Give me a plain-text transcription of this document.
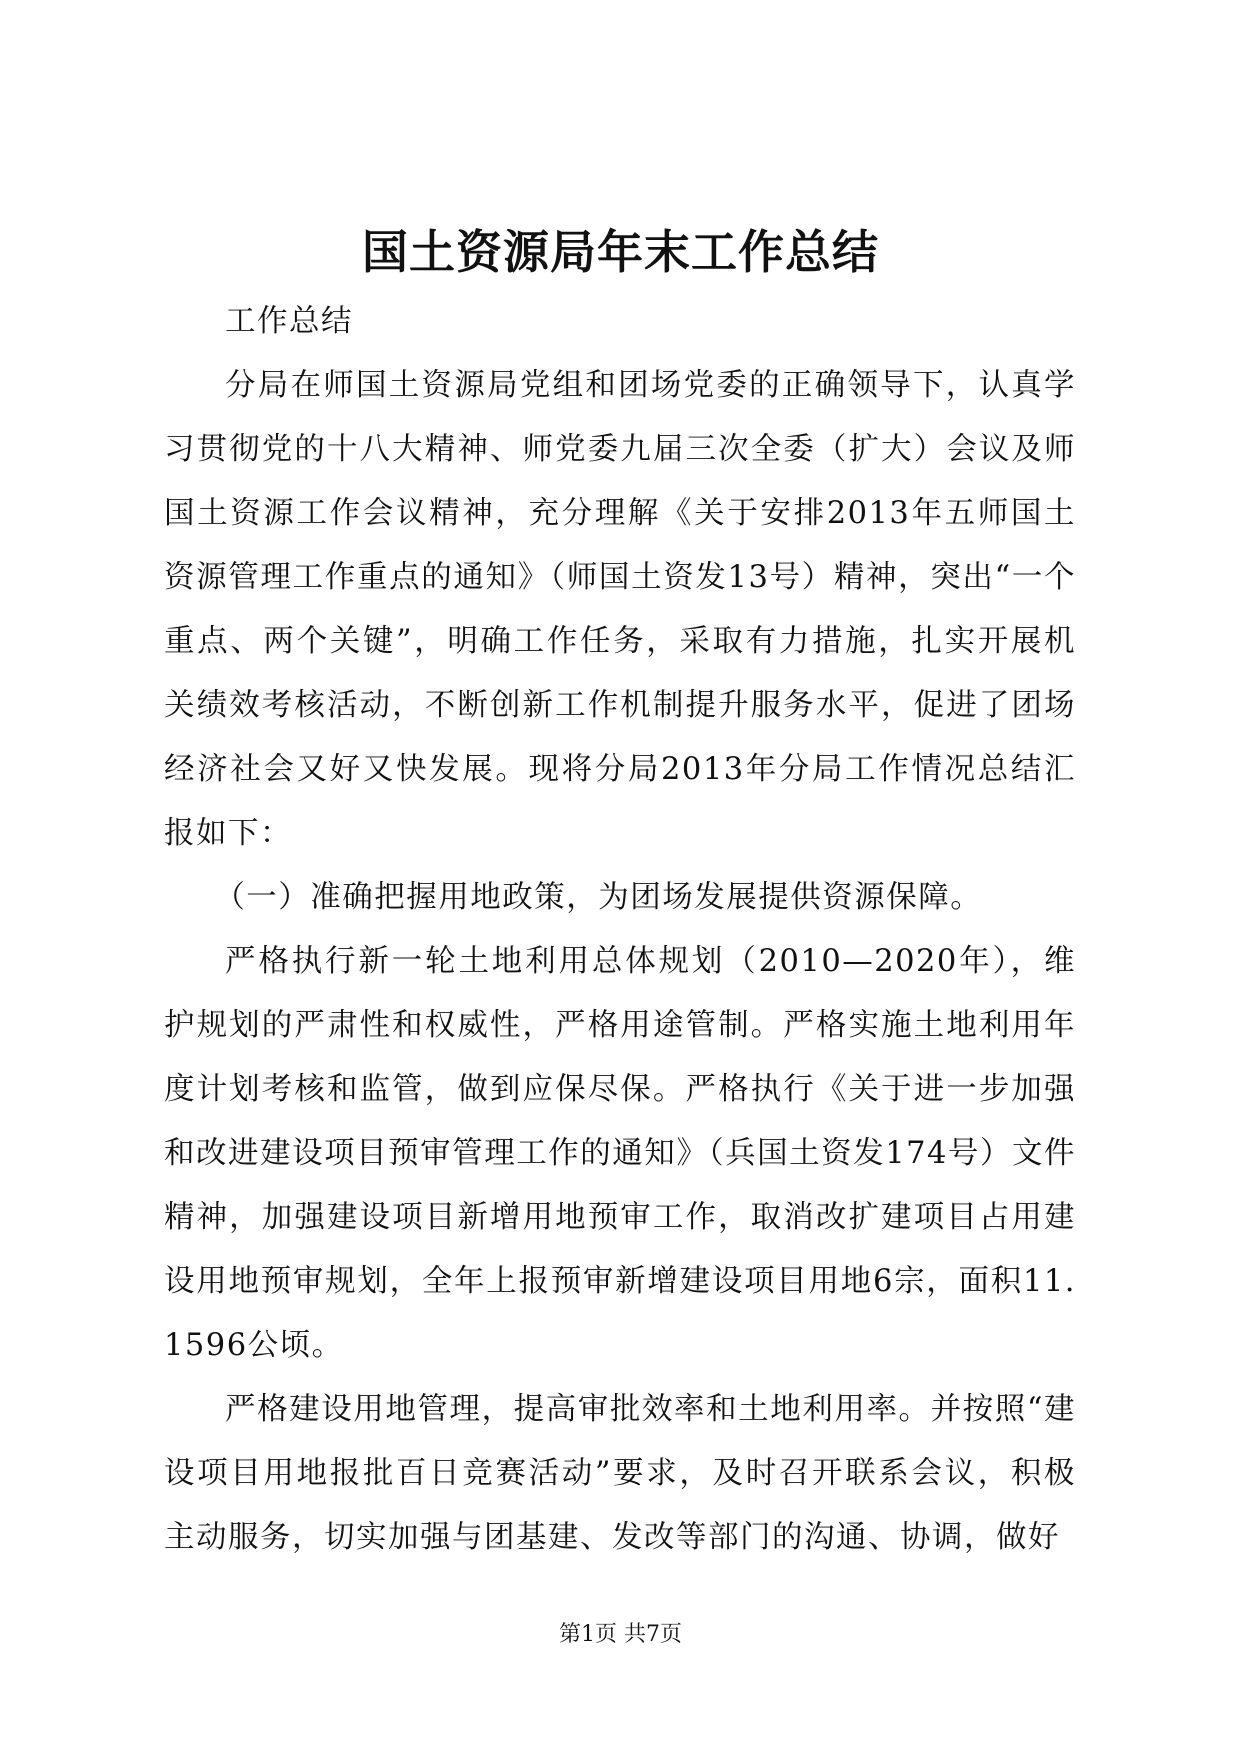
国土资源局年末工作总结

工作总结

分局在师国土资源局党组和团场党委的正确领导下，认真学习贯彻党的十八大精神、师党委九届三次全委（扩大）会议及师国土资源工作会议精神，充分理解《关于安排2013年五师国土资源管理工作重点的通知》（师国土资发13号）精神，突出“一个重点、两个关键”，明确工作任务，采取有力措施，扎实开展机关绩效考核活动，不断创新工作机制提升服务水平，促进了团场经济社会又好又快发展。现将分局2013年分局工作情况总结汇报如下：

（一）准确把握用地政策，为团场发展提供资源保障。

严格执行新一轮土地利用总体规划（2010—2020年），维护规划的严肃性和权威性，严格用途管制。严格实施土地利用年度计划考核和监管，做到应保尽保。严格执行《关于进一步加强和改进建设项目预审管理工作的通知》（兵国土资发174号）文件精神，加强建设项目新增用地预审工作，取消改扩建项目占用建设用地预审规划，全年上报预审新增建设项目用地6宗，面积11.1596公顷。

严格建设用地管理，提高审批效率和土地利用率。并按照“建设项目用地报批百日竞赛活动”要求，及时召开联系会议，积极主动服务，切实加强与团基建、发改等部门的沟通、协调，做好

第1页 共7页
